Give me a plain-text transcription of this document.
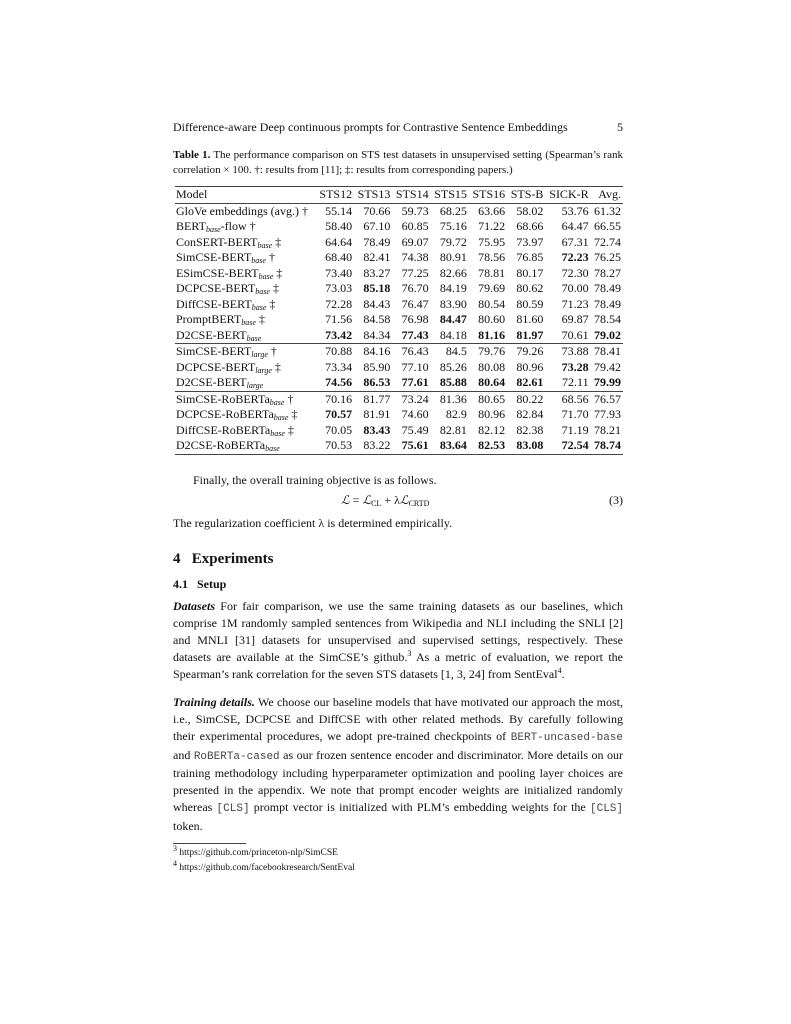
Difference-aware Deep continuous prompts for Contrastive Sentence Embeddings	5
Table 1. The performance comparison on STS test datasets in unsupervised setting (Spearman’s rank correlation × 100. †: results from [11]; ‡: results from corresponding papers.)
Model	STS12	STS13	STS14	STS15	STS16	STS-B	SICK-R	Avg.
GloVe embeddings (avg.) †	55.14	70.66	59.73	68.25	63.66	58.02	53.76	61.32
$BERT_{base}$-flow †	58.40	67.10	60.85	75.16	71.22	68.66	64.47	66.55
ConSERT-$BERT_{base}$ ‡	64.64	78.49	69.07	79.72	75.95	73.97	67.31	72.74
SimCSE-$BERT_{base}$ †	68.40	82.41	74.38	80.91	78.56	76.85	72.23	76.25
ESimCSE-$BERT_{base}$ ‡	73.40	83.27	77.25	82.66	78.81	80.17	72.30	78.27
DCPCSE-$BERT_{base}$ ‡	73.03	85.18	76.70	84.19	79.69	80.62	70.00	78.49
DiffCSE-$BERT_{base}$ ‡	72.28	84.43	76.47	83.90	80.54	80.59	71.23	78.49
PromptBERT$_{base}$ ‡	71.56	84.58	76.98	84.47	80.60	81.60	69.87	78.54
$D2CSE-BERT_{base}$	73.42	84.34	77.43	84.18	81.16	81.97	70.61	79.02
SimCSE-$BERT_{large}$ †	70.88	84.16	76.43	84.5	79.76	79.26	73.88	78.41
DCPCSE-$BERT_{large}$ ‡	73.34	85.90	77.10	85.26	80.08	80.96	73.28	79.42
$D2CSE-BERT_{large}$	74.56	86.53	77.61	85.88	80.64	82.61	72.11	79.99
SimCSE-RoBERTa$_{base}$ †	70.16	81.77	73.24	81.36	80.65	80.22	68.56	76.57
DCPCSE-RoBERTa$_{base}$ ‡	70.57	81.91	74.60	82.9	80.96	82.84	71.70	77.93
DiffCSE-RoBERTa$_{base}$ ‡	70.05	83.43	75.49	82.81	82.12	82.38	71.19	78.21
D2CSE-RoBERTa$_{base}$	70.53	83.22	75.61	83.64	82.53	83.08	72.54	78.74
Finally, the overall training objective is as follows.
ℒ = ℒCL + λℒCRTD	(3)
The regularization coefficient λ is determined empirically.
4   Experiments
4.1   Setup
Datasets For fair comparison, we use the same training datasets as our baselines, which comprise 1M randomly sampled sentences from Wikipedia and NLI including the SNLI [2] and MNLI [31] datasets for unsupervised and supervised settings, respectively. These datasets are available at the SimCSE’s github.$^3$ As a metric of evaluation, we report the Spearman’s rank correlation for the seven STS datasets [1, 3, 24] from SentEval$^4$.
Training details. We choose our baseline models that have motivated our approach the most, i.e., SimCSE, DCPCSE and DiffCSE with other related methods. By carefully following their experimental procedures, we adopt pre-trained checkpoints of BERT-uncased-base and RoBERTa-cased as our frozen sentence encoder and discriminator. More details on our training methodology including hyperparameter optimization and pooling layer choices are presented in the appendix. We note that prompt encoder weights are initialized randomly whereas [CLS] prompt vector is initialized with PLM’s embedding weights for the [CLS] token.
$^3$ https://github.com/princeton-nlp/SimCSE
$^4$ https://github.com/facebookresearch/SentEval
